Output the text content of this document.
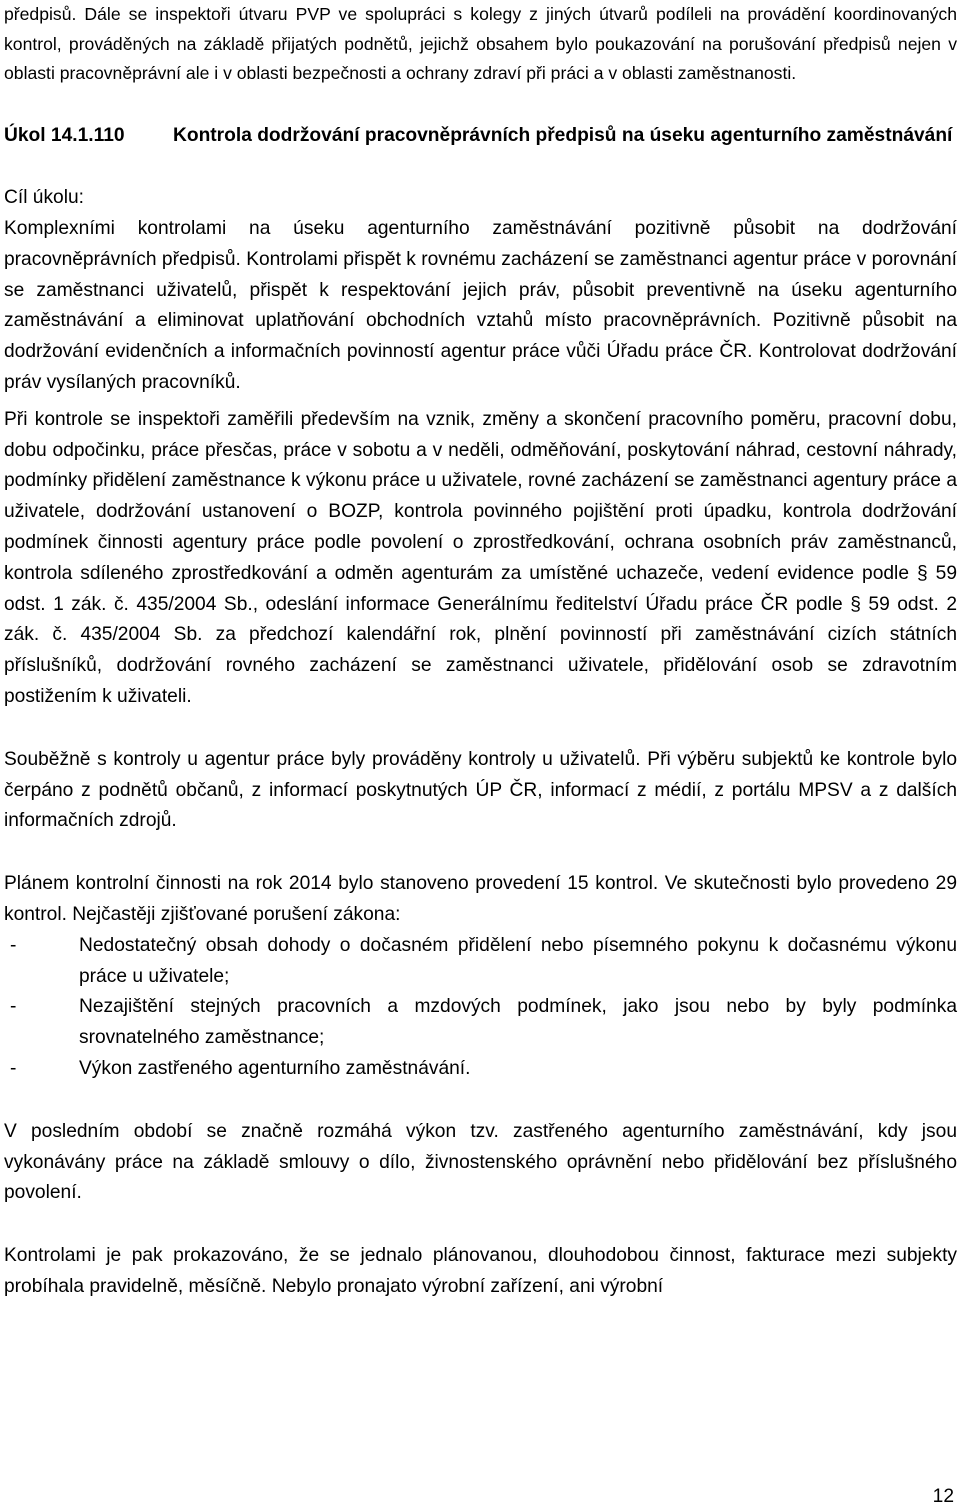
předpisů. Dále se inspektoři útvaru PVP ve spolupráci s kolegy z jiných útvarů podíleli na provádění koordinovaných kontrol, prováděných na základě přijatých podnětů, jejichž obsahem bylo poukazování na porušování předpisů nejen v oblasti pracovněprávní ale i v oblasti bezpečnosti a ochrany zdraví při práci a v oblasti zaměstnanosti.

Úkol 14.1.110	Kontrola dodržování pracovněprávních předpisů na úseku agenturního zaměstnávání

Cíl úkolu:

Komplexními kontrolami na úseku agenturního zaměstnávání pozitivně působit na dodržování pracovněprávních předpisů. Kontrolami přispět k rovnému zacházení se zaměstnanci agentur práce v porovnání se zaměstnanci uživatelů, přispět k respektování jejich práv, působit preventivně na úseku agenturního zaměstnávání a eliminovat uplatňování obchodních vztahů místo pracovněprávních. Pozitivně působit na dodržování evidenčních a informačních povinností agentur práce vůči Úřadu práce ČR. Kontrolovat dodržování práv vysílaných pracovníků.

Při kontrole se inspektoři zaměřili především na vznik, změny a skončení pracovního poměru, pracovní dobu, dobu odpočinku, práce přesčas, práce v sobotu a v neděli, odměňování, poskytování náhrad, cestovní náhrady, podmínky přidělení zaměstnance k výkonu práce u uživatele, rovné zacházení se zaměstnanci agentury práce a uživatele, dodržování ustanovení o BOZP, kontrola povinného pojištění proti úpadku, kontrola dodržování podmínek činnosti agentury práce podle povolení o zprostředkování, ochrana osobních práv zaměstnanců, kontrola sdíleného zprostředkování a odměn agenturám za umístěné uchazeče, vedení evidence podle § 59 odst. 1 zák. č. 435/2004 Sb., odeslání informace Generálnímu ředitelství Úřadu práce ČR podle § 59 odst. 2 zák. č. 435/2004 Sb. za předchozí kalendářní rok, plnění povinností při zaměstnávání cizích státních příslušníků, dodržování rovného zacházení se zaměstnanci uživatele, přidělování osob se zdravotním postižením k uživateli.

Souběžně s kontroly u agentur práce byly prováděny kontroly u uživatelů. Při výběru subjektů ke kontrole bylo čerpáno z podnětů občanů, z informací poskytnutých ÚP ČR, informací z médií, z portálu MPSV a z dalších informačních zdrojů.

Plánem kontrolní činnosti na rok 2014 bylo stanoveno provedení 15 kontrol. Ve skutečnosti bylo provedeno 29 kontrol. Nejčastěji zjišťované porušení zákona:

-	Nedostatečný obsah dohody o dočasném přidělení nebo písemného pokynu k dočasnému výkonu práce u uživatele;
-	Nezajištění stejných pracovních a mzdových podmínek, jako jsou nebo by byly podmínka srovnatelného zaměstnance;
-	Výkon zastřeného agenturního zaměstnávání.

V posledním období se značně rozmáhá výkon tzv. zastřeného agenturního zaměstnávání, kdy jsou vykonávány práce na základě smlouvy o dílo, živnostenského oprávnění nebo přidělování bez příslušného povolení.

Kontrolami je pak prokazováno, že se jednalo plánovanou, dlouhodobou činnost, fakturace mezi subjekty probíhala pravidelně, měsíčně. Nebylo pronajato výrobní zařízení, ani výrobní

12
